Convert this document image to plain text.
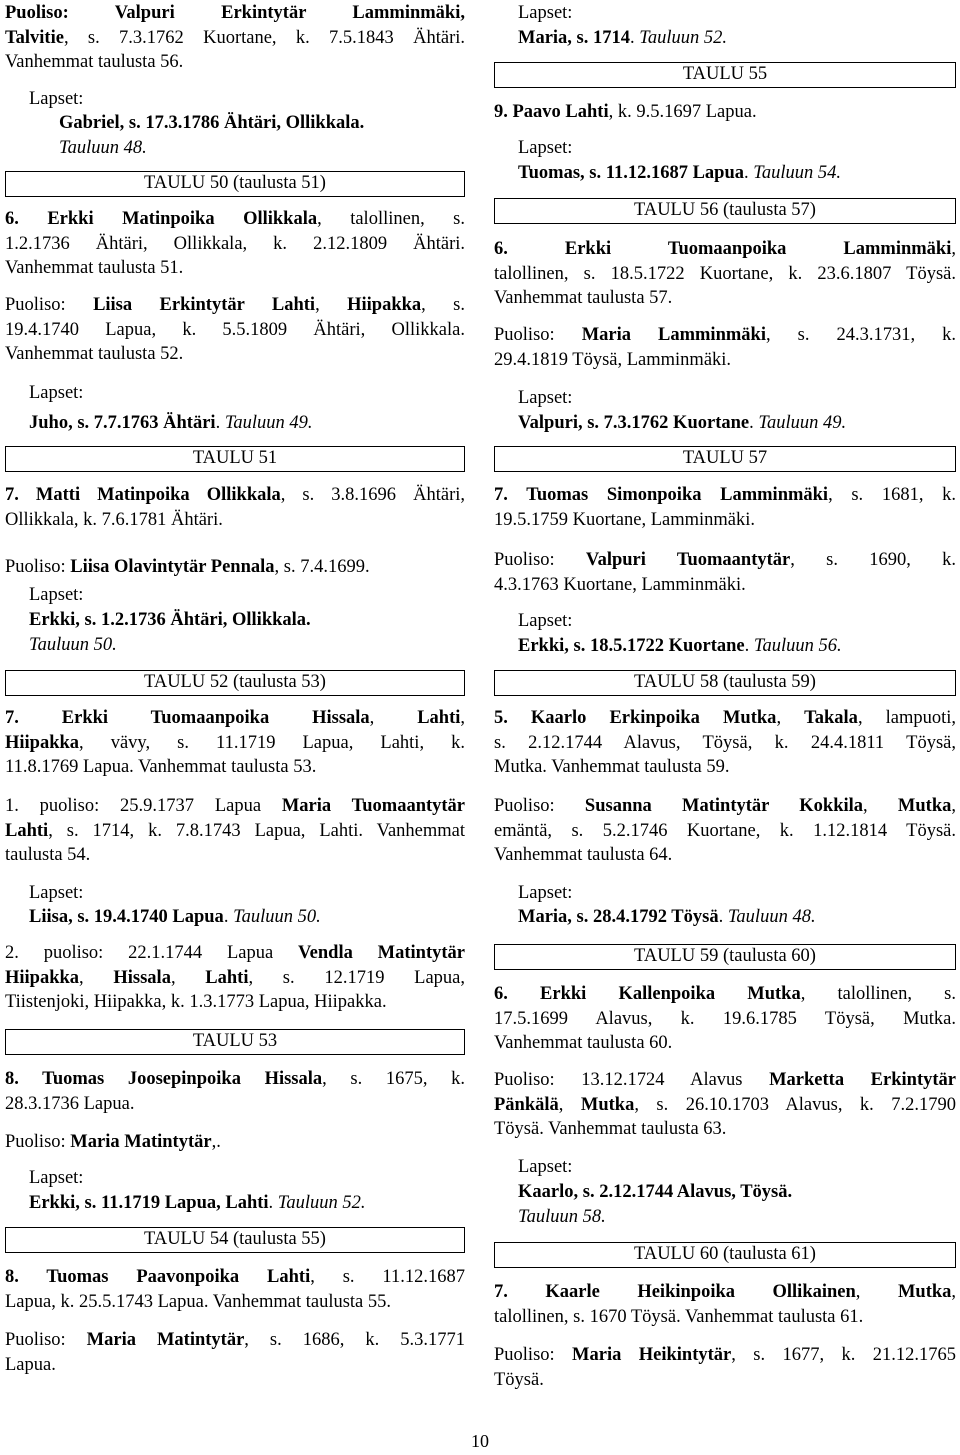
Puoliso: Valpuri Erkintytär Lamminmäki,
Talvitie, s. 7.3.1762 Kuortane, k. 7.5.1843 Ähtäri.
Vanhemmat taulusta 56.
Lapset:
Gabriel, s. 17.3.1786 Ähtäri, Ollikkala.
Tauluun 48.
TAULU 50 (taulusta 51)
6. Erkki Matinpoika Ollikkala, talollinen, s.
1.2.1736 Ähtäri, Ollikkala, k. 2.12.1809 Ähtäri.
Vanhemmat taulusta 51.
Puoliso: Liisa Erkintytär Lahti, Hiipakka, s.
19.4.1740 Lapua, k. 5.5.1809 Ähtäri, Ollikkala.
Vanhemmat taulusta 52.
Lapset:
Juho, s. 7.7.1763 Ähtäri. Tauluun 49.
TAULU 51
7. Matti Matinpoika Ollikkala, s. 3.8.1696 Ähtäri,
Ollikkala, k. 7.6.1781 Ähtäri.
Puoliso: Liisa Olavintytär Pennala, s. 7.4.1699.
Lapset:
Erkki, s. 1.2.1736 Ähtäri, Ollikkala.
Tauluun 50.
TAULU 52 (taulusta 53)
7. Erkki Tuomaanpoika Hissala, Lahti,
Hiipakka, vävy, s. 11.1719 Lapua, Lahti, k.
11.8.1769 Lapua. Vanhemmat taulusta 53.
1. puoliso: 25.9.1737 Lapua Maria Tuomaantytär
Lahti, s. 1714, k. 7.8.1743 Lapua, Lahti. Vanhemmat
taulusta 54.
Lapset:
Liisa, s. 19.4.1740 Lapua. Tauluun 50.
2. puoliso: 22.1.1744 Lapua Vendla Matintytär
Hiipakka, Hissala, Lahti, s. 12.1719 Lapua,
Tiistenjoki, Hiipakka, k. 1.3.1773 Lapua, Hiipakka.
TAULU 53
8. Tuomas Joosepinpoika Hissala, s. 1675, k.
28.3.1736 Lapua.
Puoliso: Maria Matintytär,.
Lapset:
Erkki, s. 11.1719 Lapua, Lahti. Tauluun 52.
TAULU 54 (taulusta 55)
8. Tuomas Paavonpoika Lahti, s. 11.12.1687
Lapua, k. 25.5.1743 Lapua. Vanhemmat taulusta 55.
Puoliso: Maria Matintytär, s. 1686, k. 5.3.1771
Lapua.
Lapset:
Maria, s. 1714. Tauluun 52.
TAULU 55
9. Paavo Lahti, k. 9.5.1697 Lapua.
Lapset:
Tuomas, s. 11.12.1687 Lapua. Tauluun 54.
TAULU 56 (taulusta 57)
6. Erkki Tuomaanpoika Lamminmäki,
talollinen, s. 18.5.1722 Kuortane, k. 23.6.1807 Töysä.
Vanhemmat taulusta 57.
Puoliso: Maria Lamminmäki, s. 24.3.1731, k.
29.4.1819 Töysä, Lamminmäki.
Lapset:
Valpuri, s. 7.3.1762 Kuortane. Tauluun 49.
TAULU 57
7. Tuomas Simonpoika Lamminmäki, s. 1681, k.
19.5.1759 Kuortane, Lamminmäki.
Puoliso: Valpuri Tuomaantytär, s. 1690, k.
4.3.1763 Kuortane, Lamminmäki.
Lapset:
Erkki, s. 18.5.1722 Kuortane. Tauluun 56.
TAULU 58 (taulusta 59)
5. Kaarlo Erkinpoika Mutka, Takala, lampuoti,
s. 2.12.1744 Alavus, Töysä, k. 24.4.1811 Töysä,
Mutka. Vanhemmat taulusta 59.
Puoliso: Susanna Matintytär Kokkila, Mutka,
emäntä, s. 5.2.1746 Kuortane, k. 1.12.1814 Töysä.
Vanhemmat taulusta 64.
Lapset:
Maria, s. 28.4.1792 Töysä. Tauluun 48.
TAULU 59 (taulusta 60)
6. Erkki Kallenpoika Mutka, talollinen, s.
17.5.1699 Alavus, k. 19.6.1785 Töysä, Mutka.
Vanhemmat taulusta 60.
Puoliso: 13.12.1724 Alavus Marketta Erkintytär
Pänkälä, Mutka, s. 26.10.1703 Alavus, k. 7.2.1790
Töysä. Vanhemmat taulusta 63.
Lapset:
Kaarlo, s. 2.12.1744 Alavus, Töysä.
Tauluun 58.
TAULU 60 (taulusta 61)
7. Kaarle Heikinpoika Ollikainen, Mutka,
talollinen, s. 1670 Töysä. Vanhemmat taulusta 61.
Puoliso: Maria Heikintytär, s. 1677, k. 21.12.1765
Töysä.
10
